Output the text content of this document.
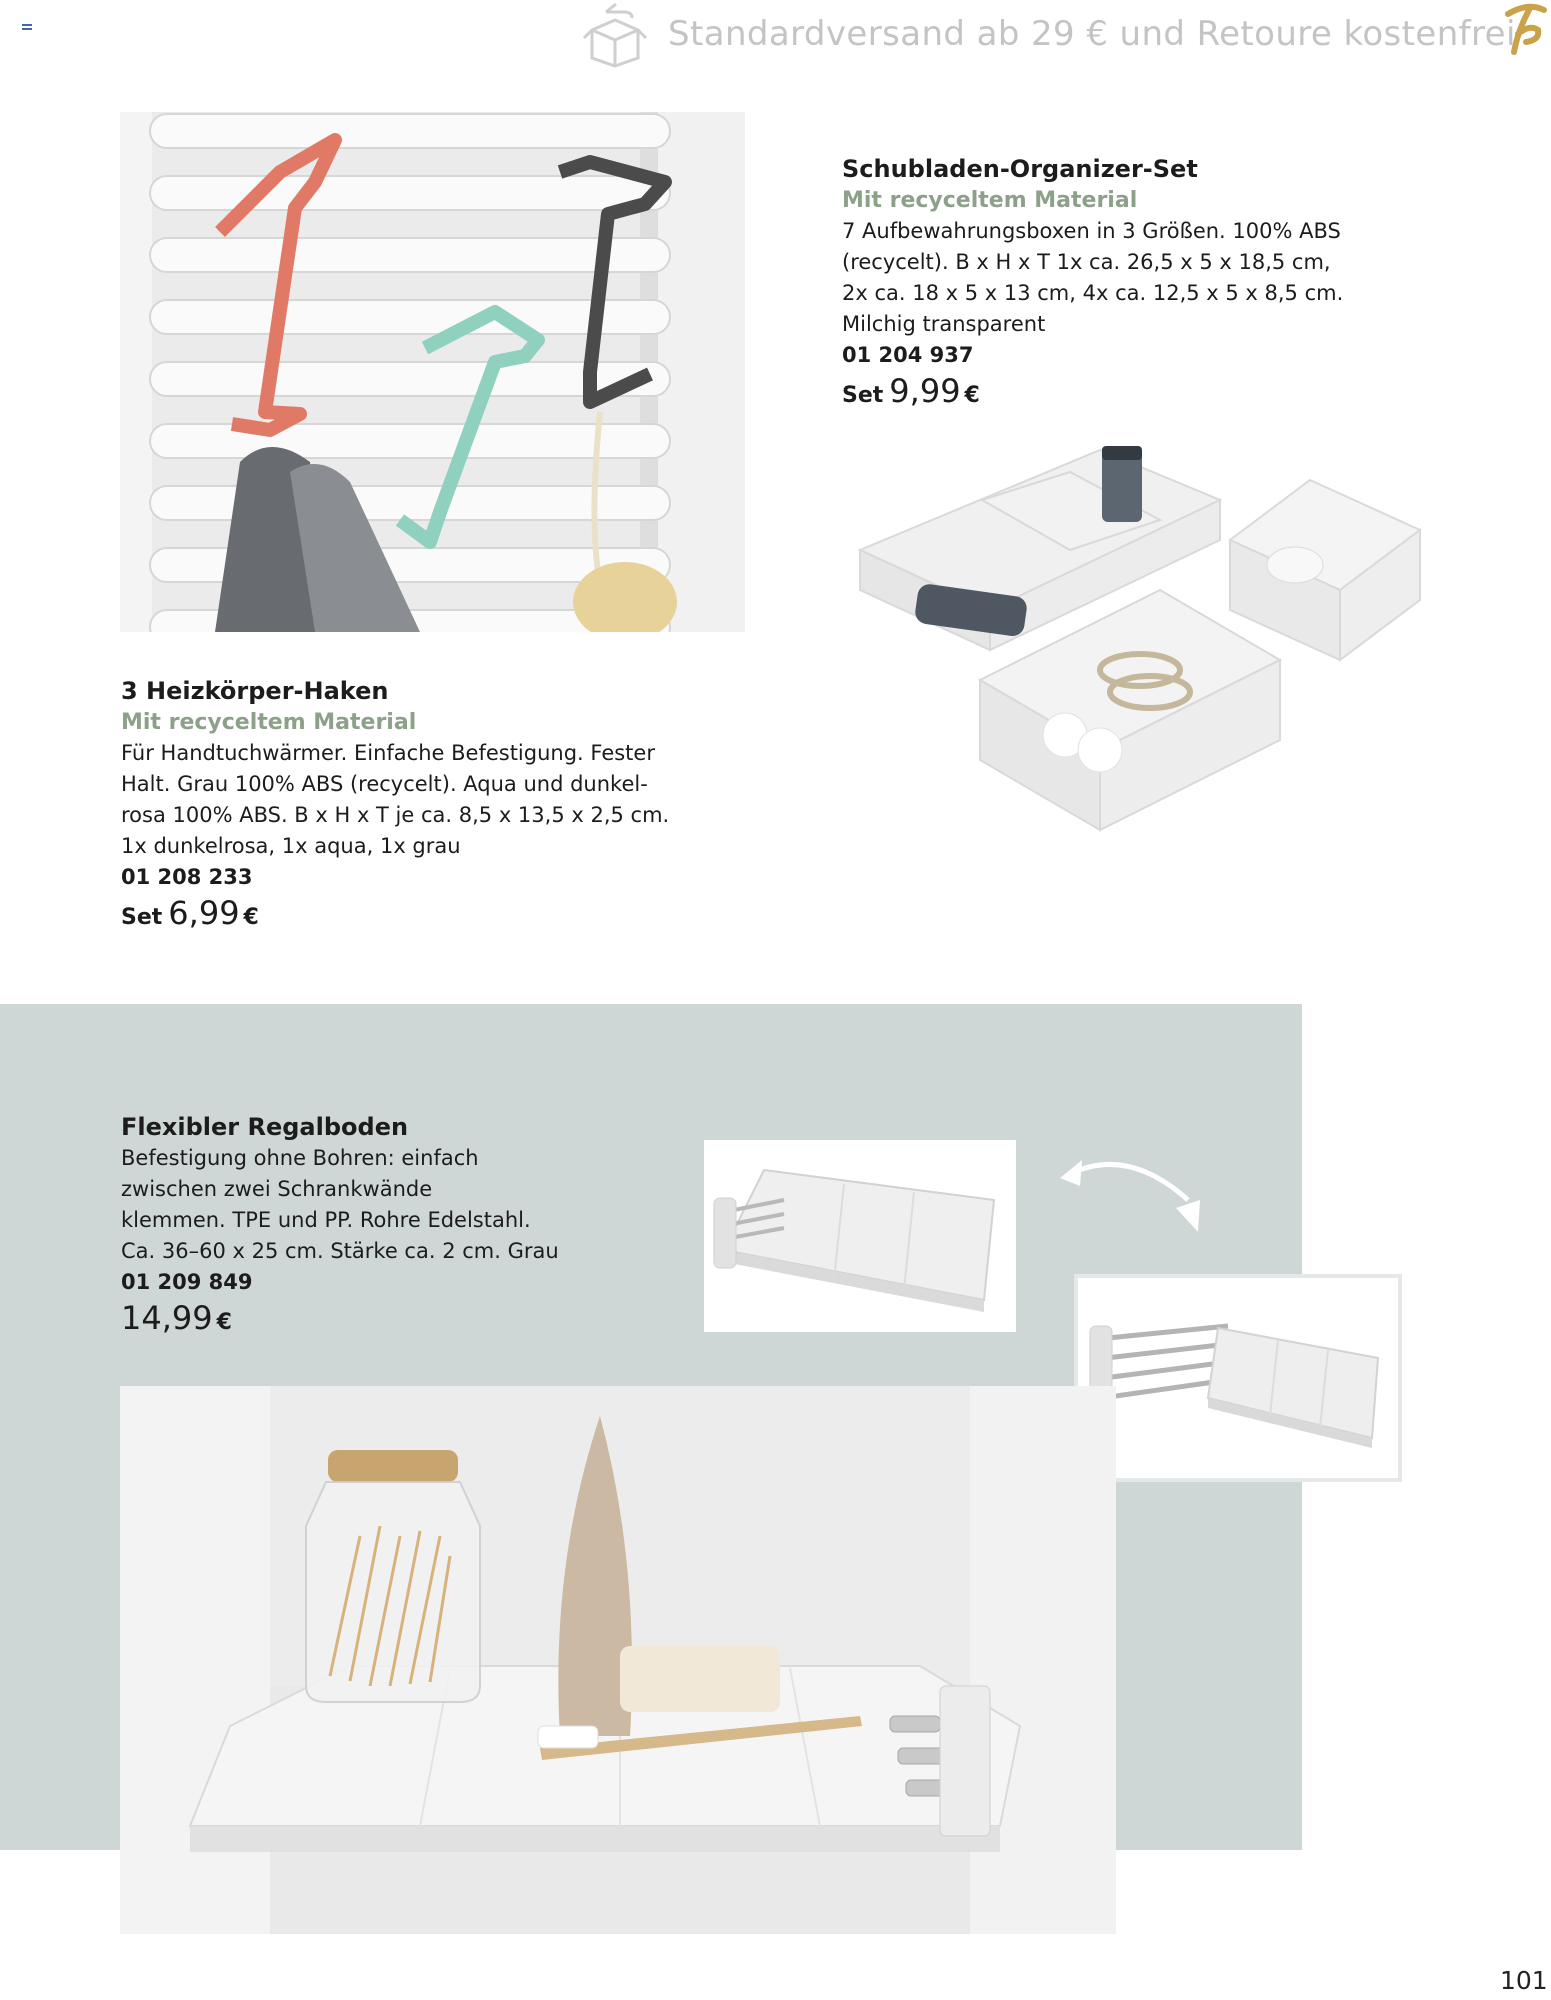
Standardversand ab 29 € und Retoure kostenfrei
Schubladen-Organizer-Set
Mit recyceltem Material
7 Aufbewahrungsboxen in 3 Größen. 100% ABS
(recycelt). B x H x T 1x ca. 26,5 x 5 x 18,5 cm,
2x ca. 18 x 5 x 13 cm, 4x ca. 12,5 x 5 x 8,5 cm.
Milchig transparent
01 204 937
Set 9,99 €
3 Heizkörper-Haken
Mit recyceltem Material
Für Handtuchwärmer. Einfache Befestigung. Fester
Halt. Grau 100% ABS (recycelt). Aqua und dunkel-
rosa 100% ABS. B x H x T je ca. 8,5 x 13,5 x 2,5 cm.
1x dunkelrosa, 1x aqua, 1x grau
01 208 233
Set 6,99 €
Flexibler Regalboden
Befestigung ohne Bohren: einfach
zwischen zwei Schrankwände
klemmen. TPE und PP. Rohre Edelstahl.
Ca. 36–60 x 25 cm. Stärke ca. 2 cm. Grau
01 209 849
14,99 €
101
